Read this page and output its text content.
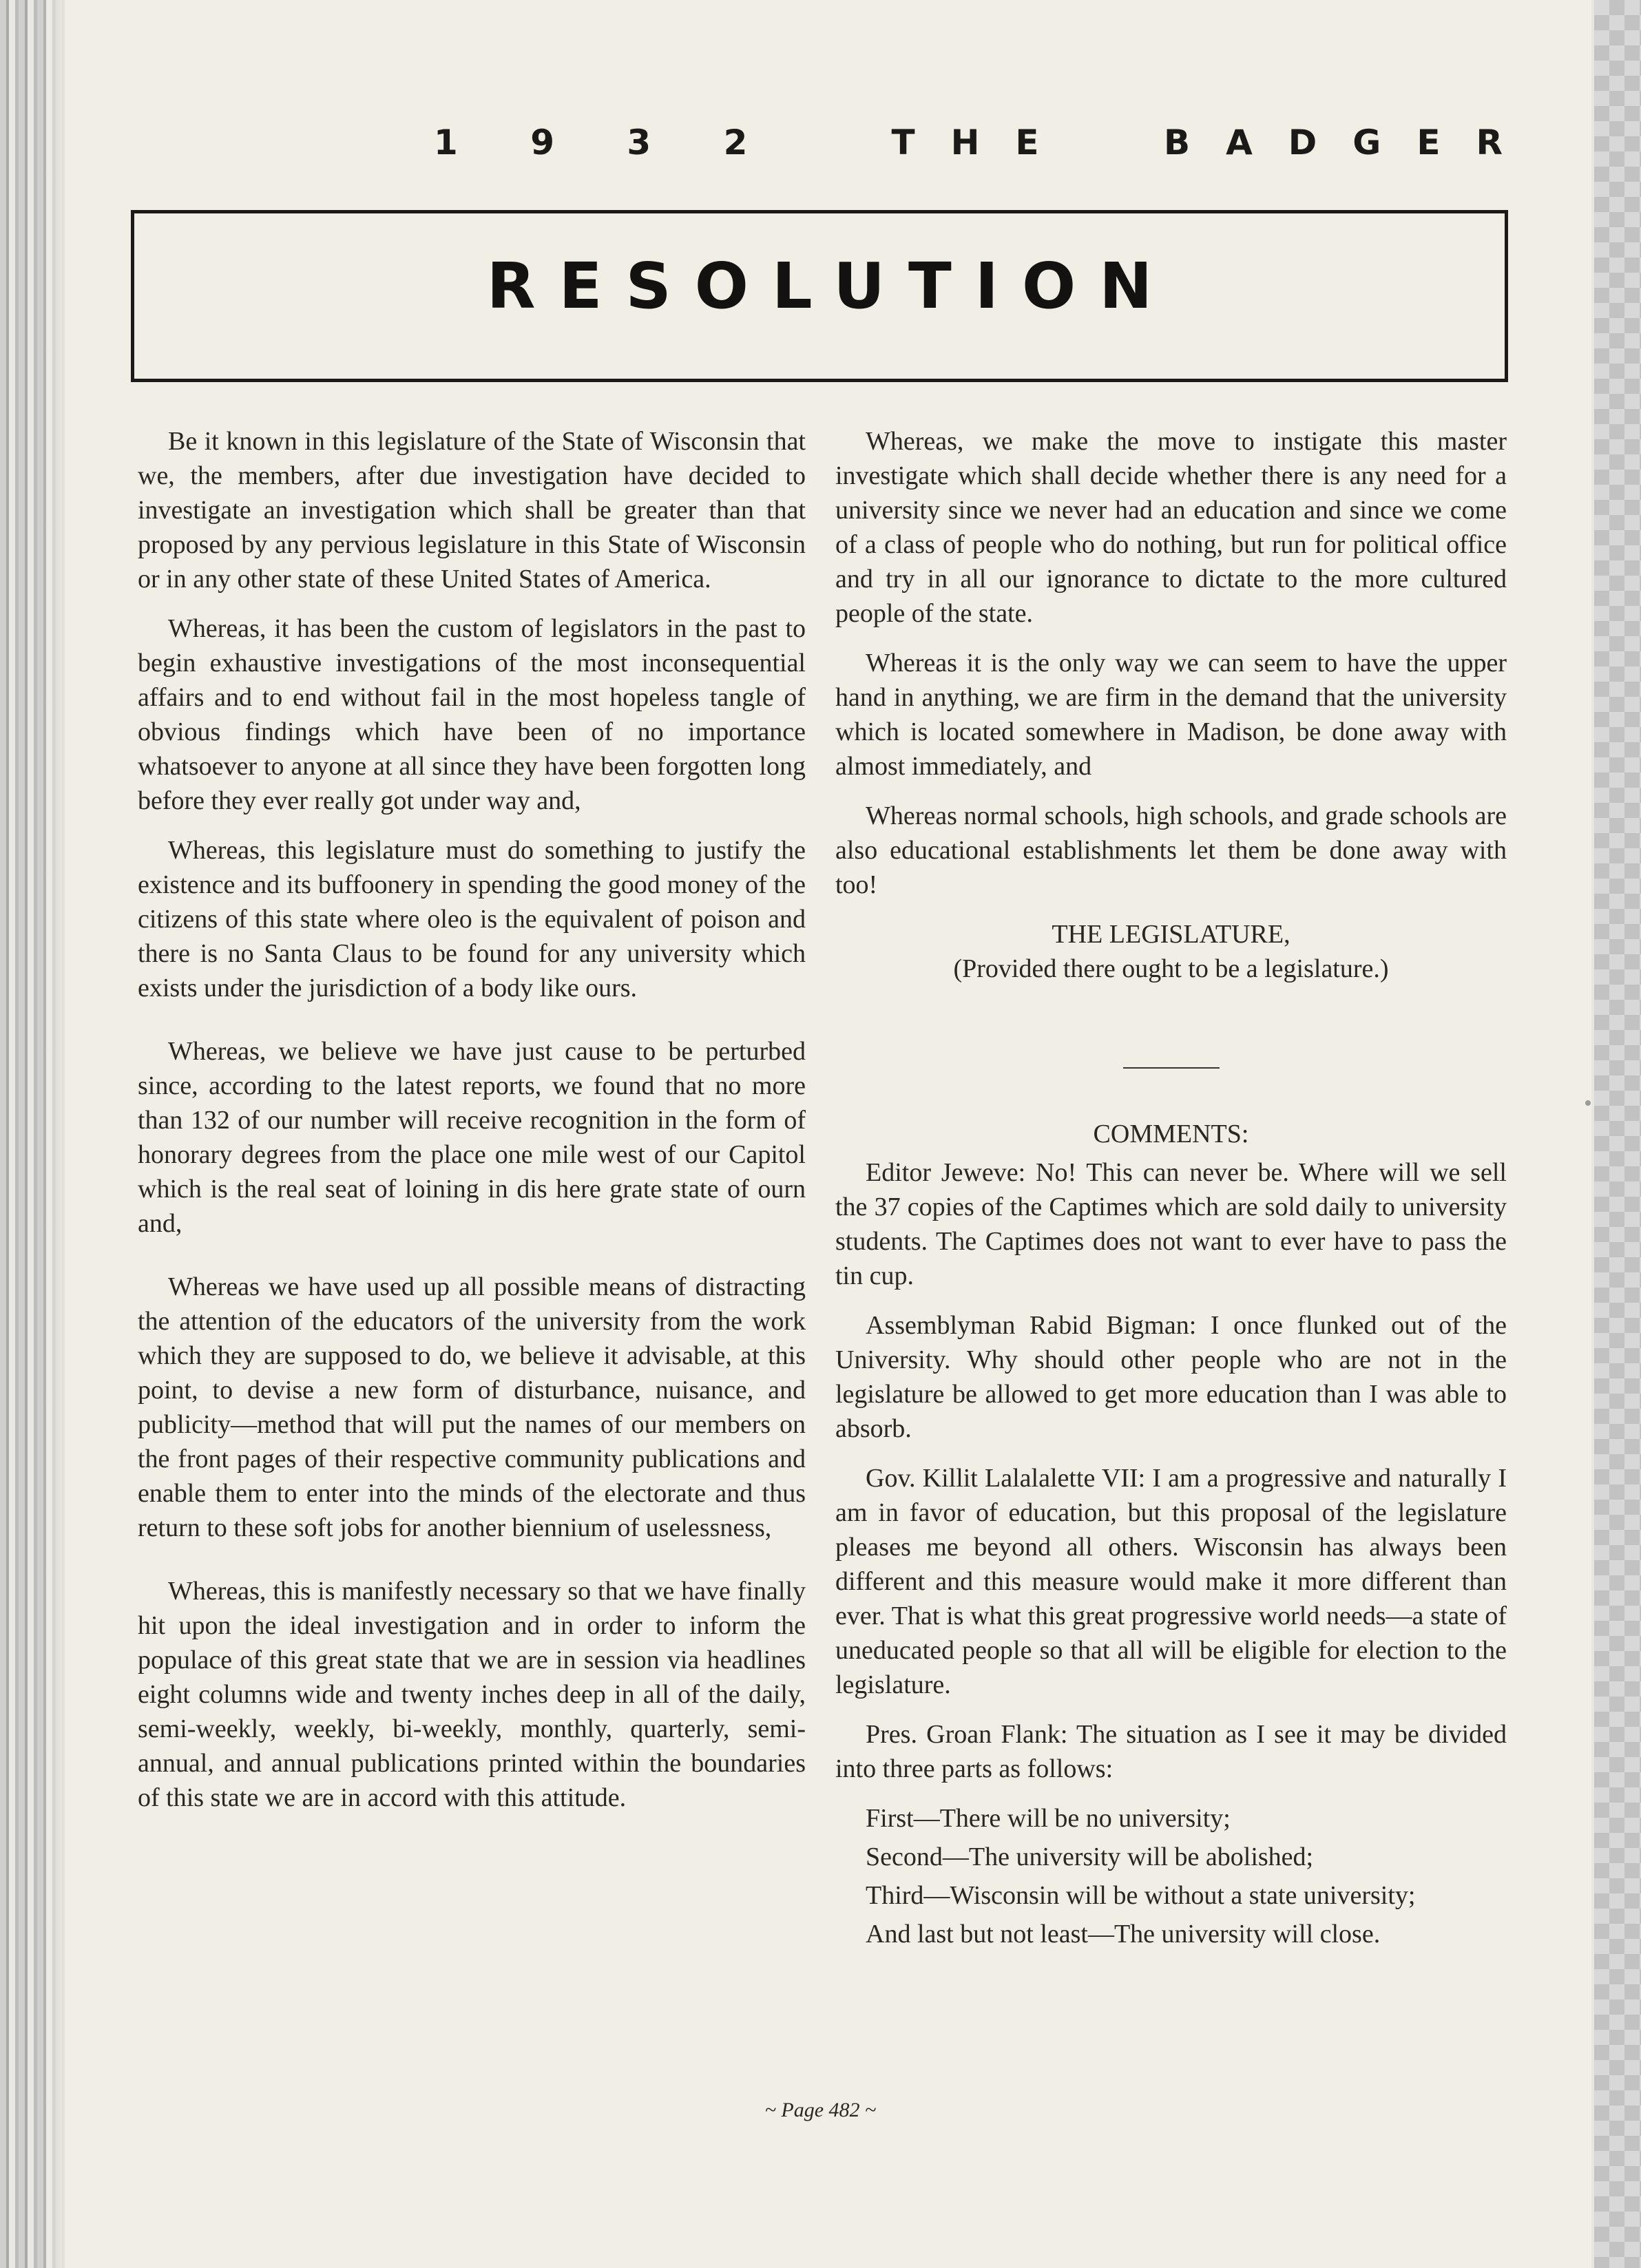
1 9 3 2	THE BADGER
RESOLUTION

Be it known in this legislature of the State of Wisconsin that we, the members, after due investigation have decided to investigate an investigation which shall be greater than that proposed by any pervious legislature in this State of Wisconsin or in any other state of these United States of America.

Whereas, it has been the custom of legislators in the past to begin exhaustive investigations of the most inconsequential affairs and to end without fail in the most hopeless tangle of obvious findings which have been of no importance whatsoever to anyone at all since they have been forgotten long before they ever really got under way and,

Whereas, this legislature must do something to justify the existence and its buffoonery in spending the good money of the citizens of this state where oleo is the equivalent of poison and there is no Santa Claus to be found for any university which exists under the jurisdiction of a body like ours.

Whereas, we believe we have just cause to be perturbed since, according to the latest reports, we found that no more than 132 of our number will receive recognition in the form of honorary degrees from the place one mile west of our Capitol which is the real seat of loining in dis here grate state of ourn and,

Whereas we have used up all possible means of distracting the attention of the educators of the university from the work which they are supposed to do, we believe it advisable, at this point, to devise a new form of disturbance, nuisance, and publicity—method that will put the names of our members on the front pages of their respective community publications and enable them to enter into the minds of the electorate and thus return to these soft jobs for another biennium of uselessness,

Whereas, this is manifestly necessary so that we have finally hit upon the ideal investigation and in order to inform the populace of this great state that we are in session via headlines eight columns wide and twenty inches deep in all of the daily, semi-weekly, weekly, bi-weekly, monthly, quarterly, semi-annual, and annual publications printed within the boundaries of this state we are in accord with this attitude.

Whereas, we make the move to instigate this master investigate which shall decide whether there is any need for a university since we never had an education and since we come of a class of people who do nothing, but run for political office and try in all our ignorance to dictate to the more cultured people of the state.

Whereas it is the only way we can seem to have the upper hand in anything, we are firm in the demand that the university which is located somewhere in Madison, be done away with almost immediately, and

Whereas normal schools, high schools, and grade schools are also educational establishments let them be done away with too!

THE LEGISLATURE,
(Provided there ought to be a legislature.)
COMMENTS:

Editor Jeweve: No! This can never be. Where will we sell the 37 copies of the Captimes which are sold daily to university students. The Captimes does not want to ever have to pass the tin cup.

Assemblyman Rabid Bigman: I once flunked out of the University. Why should other people who are not in the legislature be allowed to get more education than I was able to absorb.

Gov. Killit Lalalalette VII: I am a progressive and naturally I am in favor of education, but this proposal of the legislature pleases me beyond all others. Wisconsin has always been different and this measure would make it more different than ever. That is what this great progressive world needs—a state of uneducated people so that all will be eligible for election to the legislature.

Pres. Groan Flank: The situation as I see it may be divided into three parts as follows:

First—There will be no university;

Second—The university will be abolished;

Third—Wisconsin will be without a state university;

And last but not least—The university will close.

~ Page 482 ~
